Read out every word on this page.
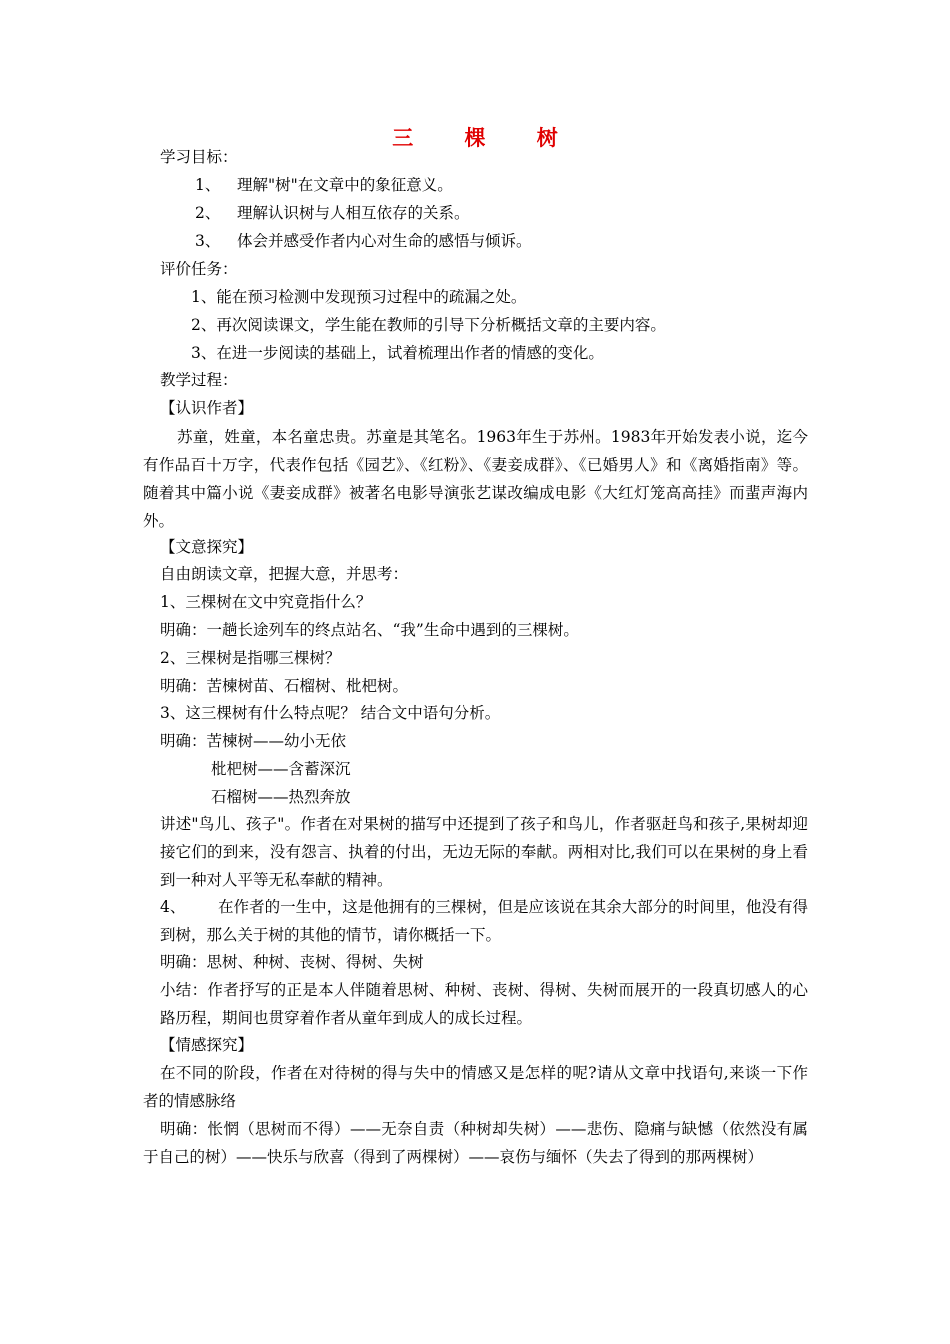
三 棵 树
学习目标：
1、 理解"树"在文章中的象征意义。
2、 理解认识树与人相互依存的关系。
3、 体会并感受作者内心对生命的感悟与倾诉。
评价任务：
1、能在预习检测中发现预习过程中的疏漏之处。
2、再次阅读课文，学生能在教师的引导下分析概括文章的主要内容。
3、在进一步阅读的基础上，试着梳理出作者的情感的变化。
教学过程：
【认识作者】

苏童，姓童，本名童忠贵。苏童是其笔名。1963年生于苏州。1983年开始发表小说，迄今有作品百十万字，代表作包括《园艺》、《红粉》、《妻妾成群》、《已婚男人》和《离婚指南》等。随着其中篇小说《妻妾成群》被著名电影导演张艺谋改编成电影《大红灯笼高高挂》而蜚声海内外。

【文意探究】
自由朗读文章，把握大意，并思考：
1、三棵树在文中究竟指什么？
明确：一趟长途列车的终点站名、“我”生命中遇到的三棵树。
2、三棵树是指哪三棵树？
明确：苦楝树苗、石榴树、枇杷树。
3、这三棵树有什么特点呢？ 结合文中语句分析。
明确：苦楝树——幼小无依
枇杷树——含蓄深沉
石榴树——热烈奔放

讲述"鸟儿、孩子"。作者在对果树的描写中还提到了孩子和鸟儿，作者驱赶鸟和孩子,果树却迎接它们的到来，没有怨言、执着的付出，无边无际的奉献。两相对比,我们可以在果树的身上看到一种对人平等无私奉献的精神。

4、 在作者的一生中，这是他拥有的三棵树，但是应该说在其余大部分的时间里，他没有得到树，那么关于树的其他的情节，请你概括一下。
明确：思树、种树、丧树、得树、失树

小结：作者抒写的正是本人伴随着思树、种树、丧树、得树、失树而展开的一段真切感人的心路历程，期间也贯穿着作者从童年到成人的成长过程。

【情感探究】

在不同的阶段，作者在对待树的得与失中的情感又是怎样的呢?请从文章中找语句,来谈一下作者的情感脉络

明确：怅惘（思树而不得）——无奈自责（种树却失树）——悲伤、隐痛与缺憾（依然没有属于自己的树）——快乐与欣喜（得到了两棵树）——哀伤与缅怀（失去了得到的那两棵树）
